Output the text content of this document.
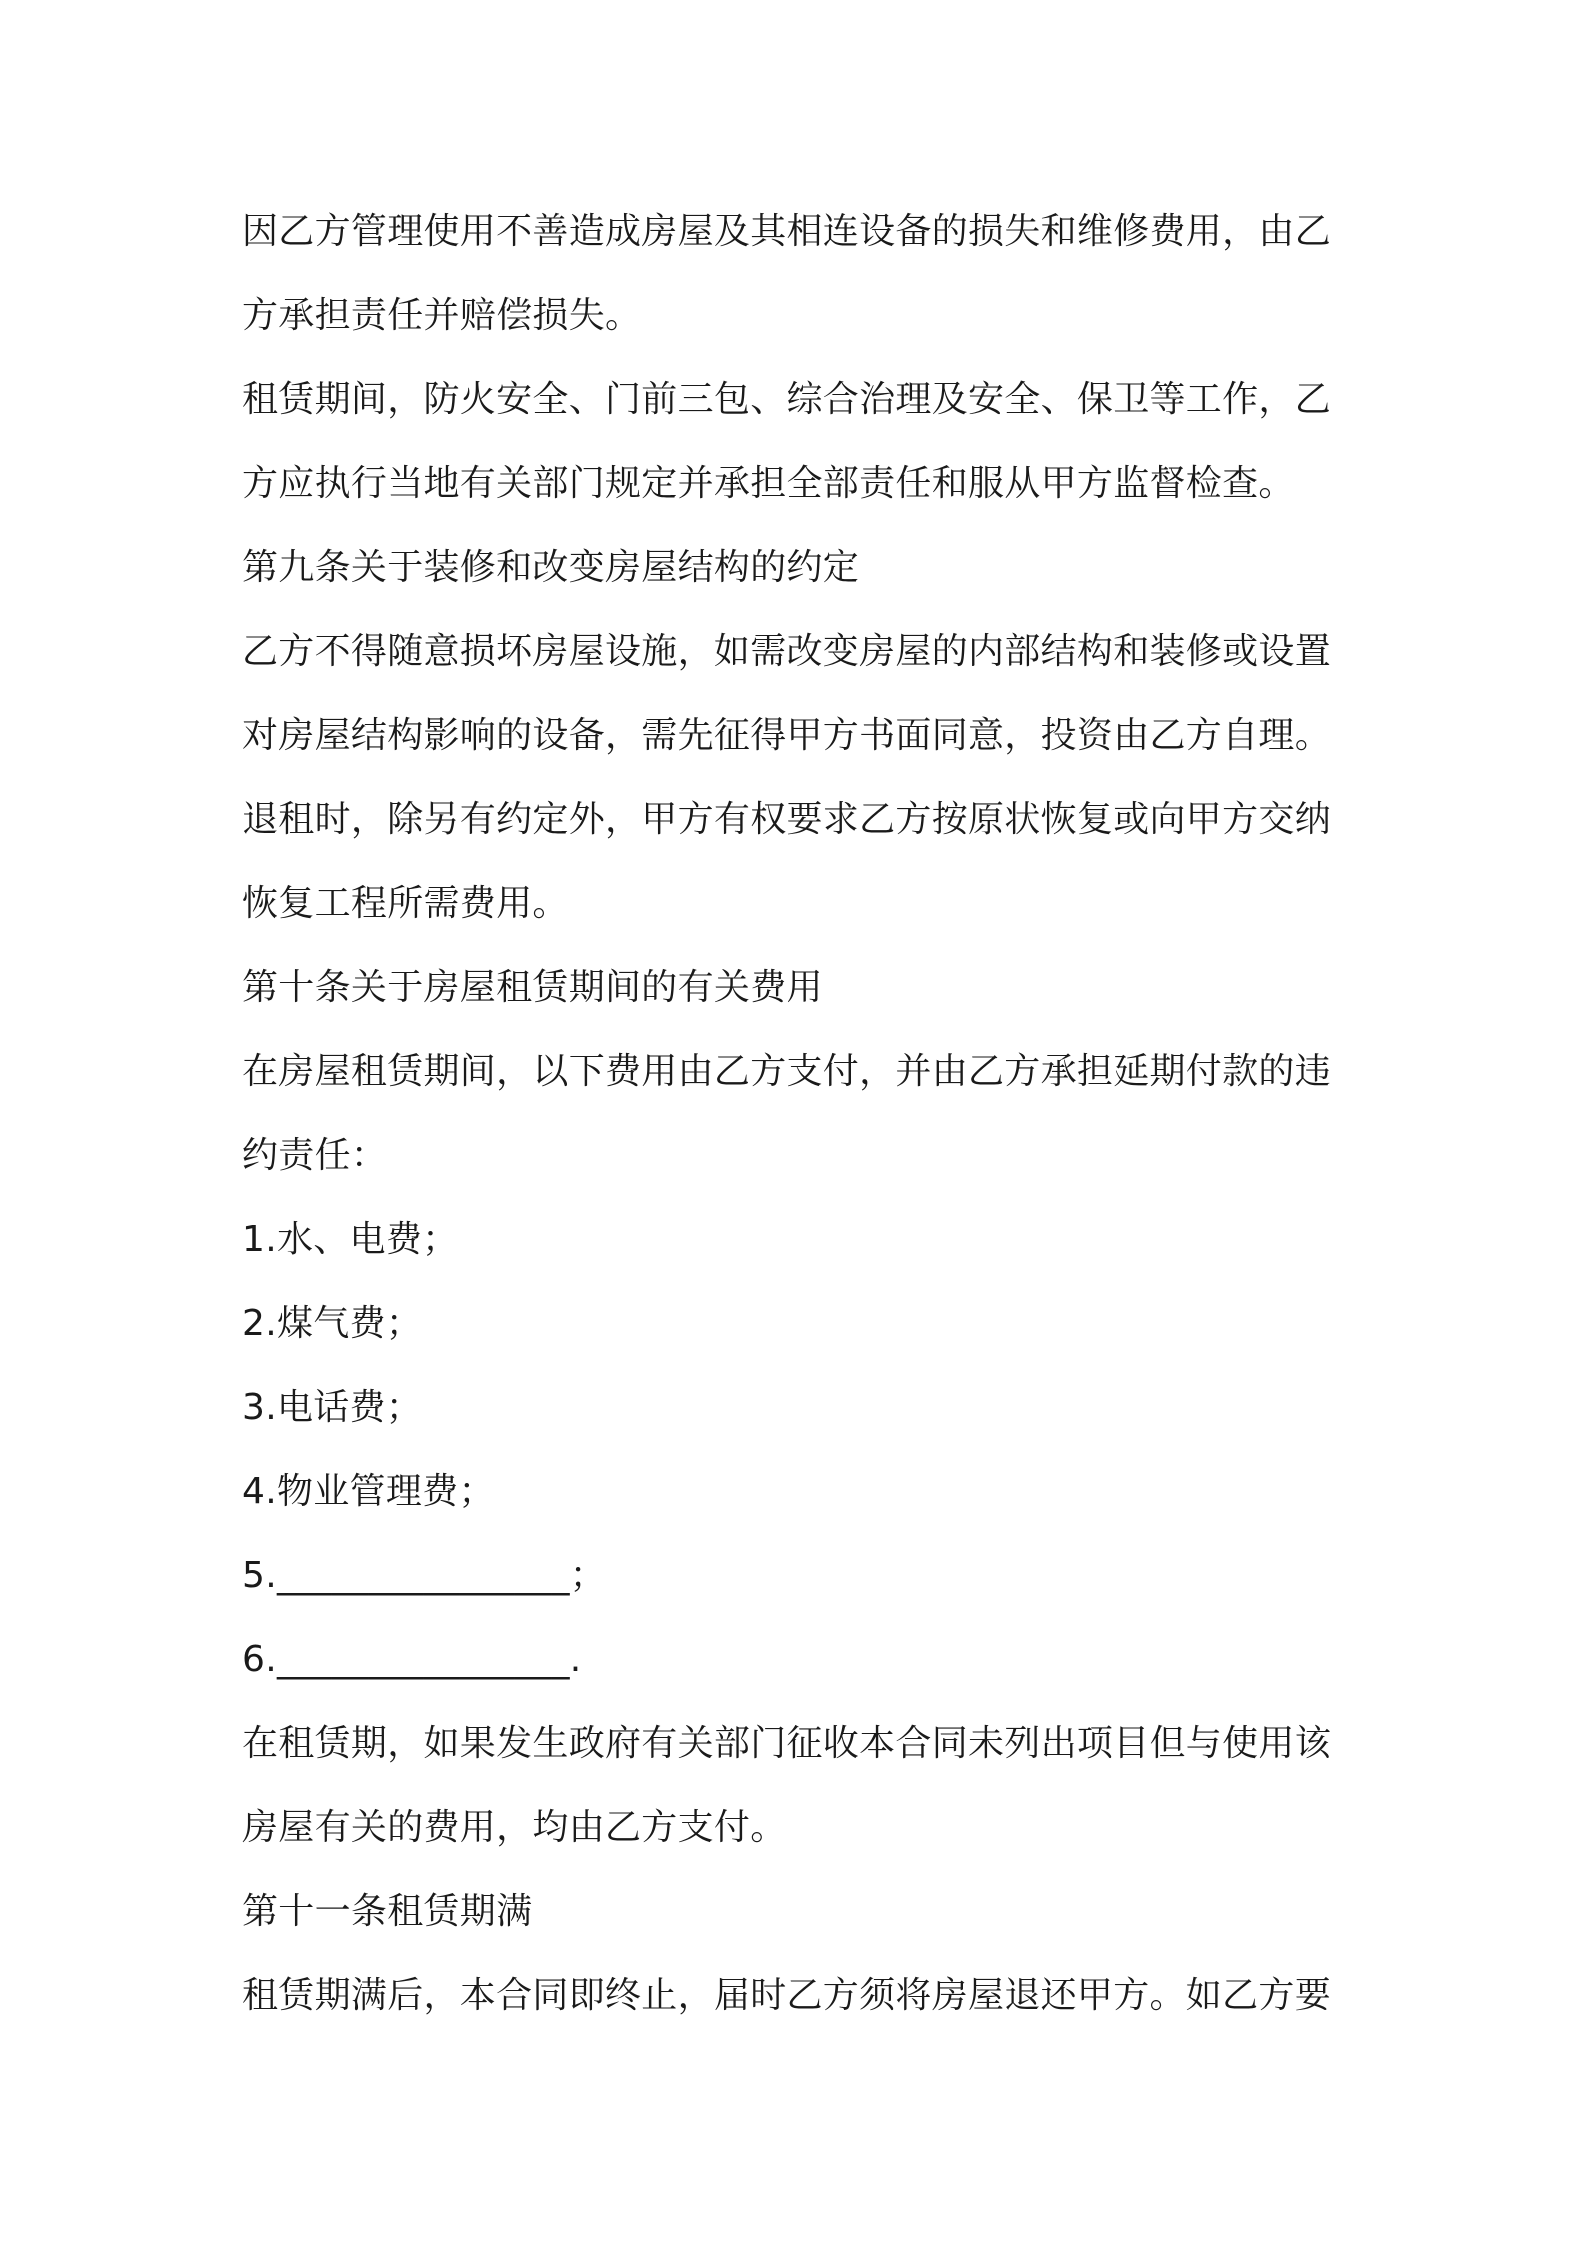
因乙方管理使用不善造成房屋及其相连设备的损失和维修费用，由乙
方承担责任并赔偿损失。
租赁期间，防火安全、门前三包、综合治理及安全、保卫等工作，乙
方应执行当地有关部门规定并承担全部责任和服从甲方监督检查。
第九条关于装修和改变房屋结构的约定
乙方不得随意损坏房屋设施，如需改变房屋的内部结构和装修或设置
对房屋结构影响的设备，需先征得甲方书面同意，投资由乙方自理。
退租时，除另有约定外，甲方有权要求乙方按原状恢复或向甲方交纳
恢复工程所需费用。
第十条关于房屋租赁期间的有关费用
在房屋租赁期间，以下费用由乙方支付，并由乙方承担延期付款的违
约责任：
1.水、电费；
2.煤气费；
3.电话费；
4.物业管理费；
5.________________；
6.________________.
在租赁期，如果发生政府有关部门征收本合同未列出项目但与使用该
房屋有关的费用，均由乙方支付。
第十一条租赁期满
租赁期满后，本合同即终止，届时乙方须将房屋退还甲方。如乙方要
